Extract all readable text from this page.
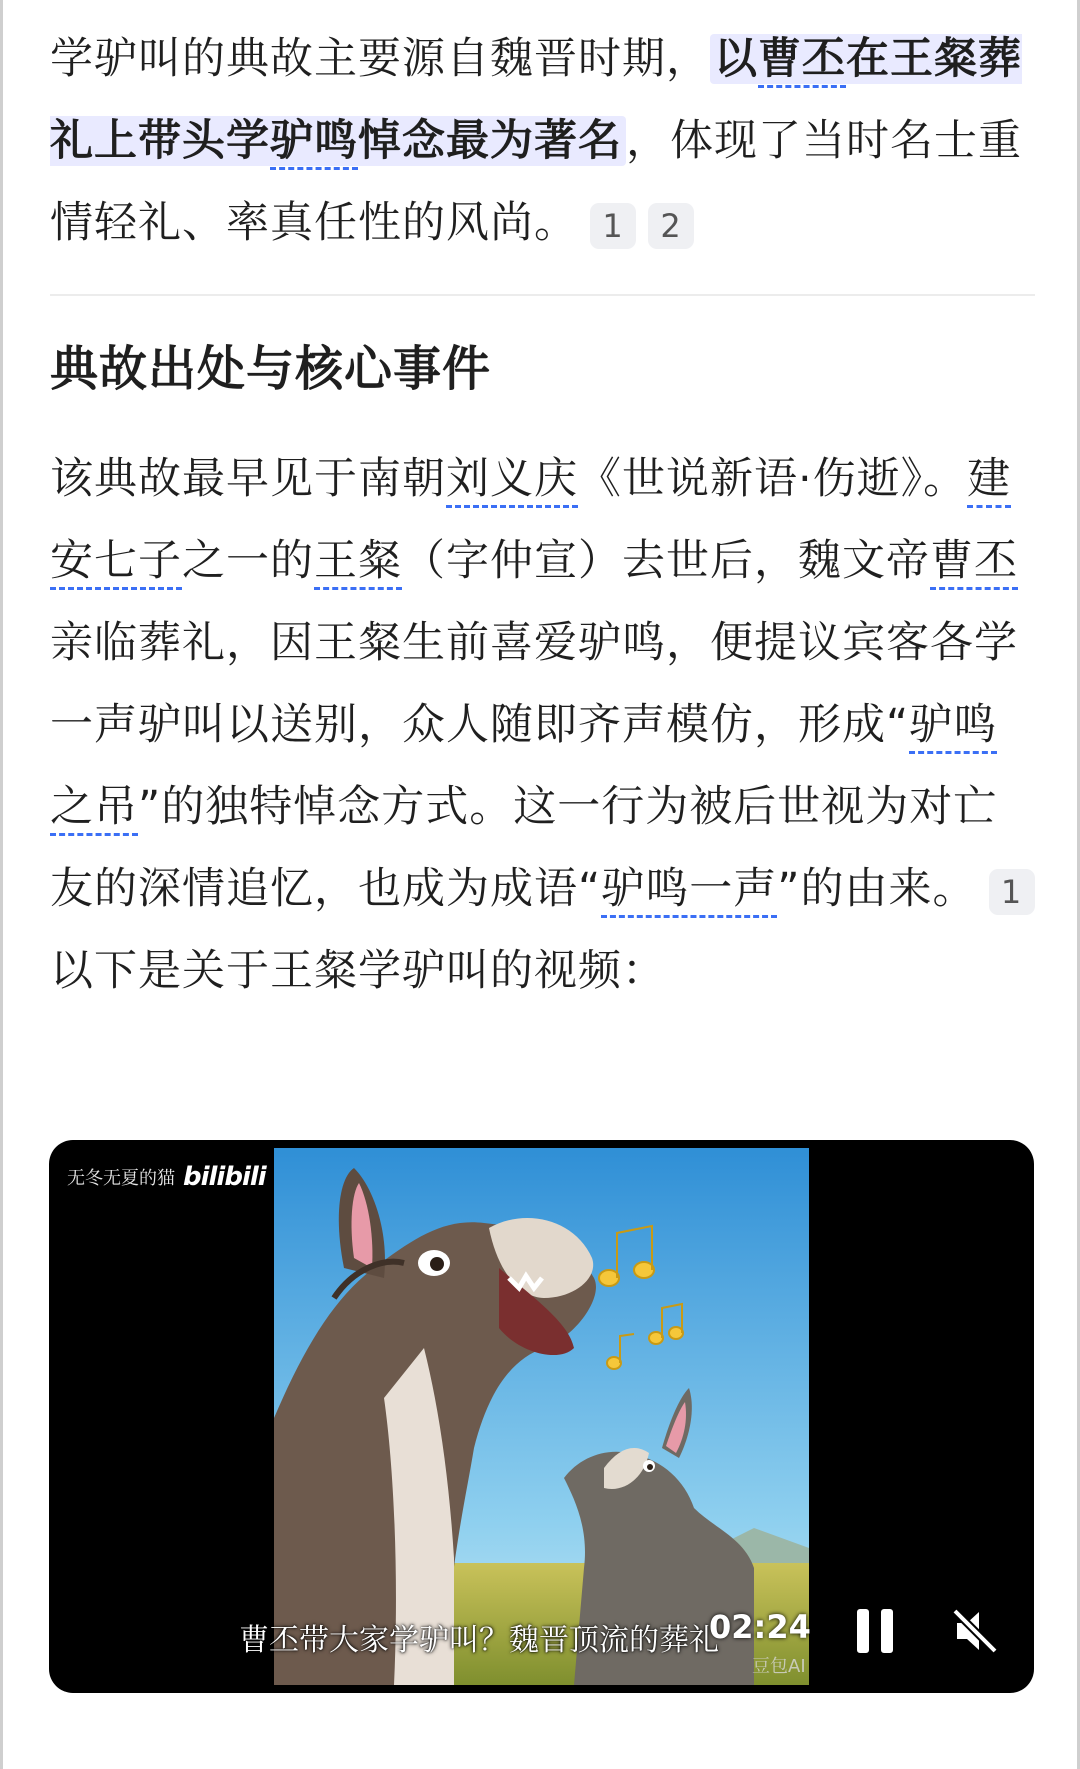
学驴叫的典故主要源自魏晋时期，以曹丕在王粲葬礼上带头学驴鸣悼念最为著名，体现了当时名士重情轻礼、率真任性的风尚。 1 2

典故出处与核心事件

该典故最早见于南朝刘义庆《世说新语·伤逝》。建安七子之一的王粲（字仲宣）去世后，魏文帝曹丕亲临葬礼，因王粲生前喜爱驴鸣，便提议宾客各学一声驴叫以送别，众人随即齐声模仿，形成“驴鸣之吊”的独特悼念方式。这一行为被后世视为对亡友的深情追忆，也成为成语“驴鸣一声”的由来。 1

以下是关于王粲学驴叫的视频：

无冬无夏的猫 bilibili
曹丕带大家学驴叫？魏晋顶流的葬礼
02:24
豆包AI
